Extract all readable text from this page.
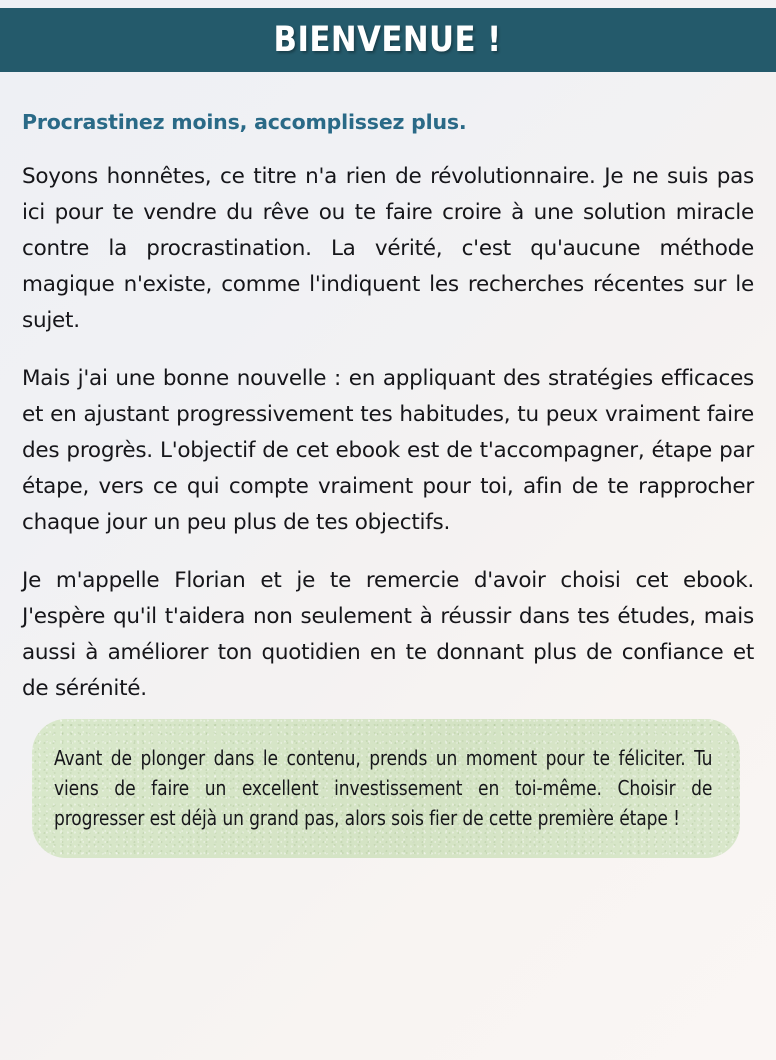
BIENVENUE !
Procrastinez moins, accomplissez plus.

Soyons honnêtes, ce titre n'a rien de révolutionnaire. Je ne suis pas ici pour te vendre du rêve ou te faire croire à une solution miracle contre la procrastination. La vérité, c'est qu'aucune méthode magique n'existe, comme l'indiquent les recherches récentes sur le sujet.

Mais j'ai une bonne nouvelle : en appliquant des stratégies efficaces et en ajustant progressivement tes habitudes, tu peux vraiment faire des progrès. L'objectif de cet ebook est de t'accompagner, étape par étape, vers ce qui compte vraiment pour toi, afin de te rapprocher chaque jour un peu plus de tes objectifs.

Je m'appelle Florian et je te remercie d'avoir choisi cet ebook. J'espère qu'il t'aidera non seulement à réussir dans tes études, mais aussi à améliorer ton quotidien en te donnant plus de confiance et de sérénité.

Avant de plonger dans le contenu, prends un moment pour te féliciter. Tu viens de faire un excellent investissement en toi-même. Choisir de progresser est déjà un grand pas, alors sois fier de cette première étape !
